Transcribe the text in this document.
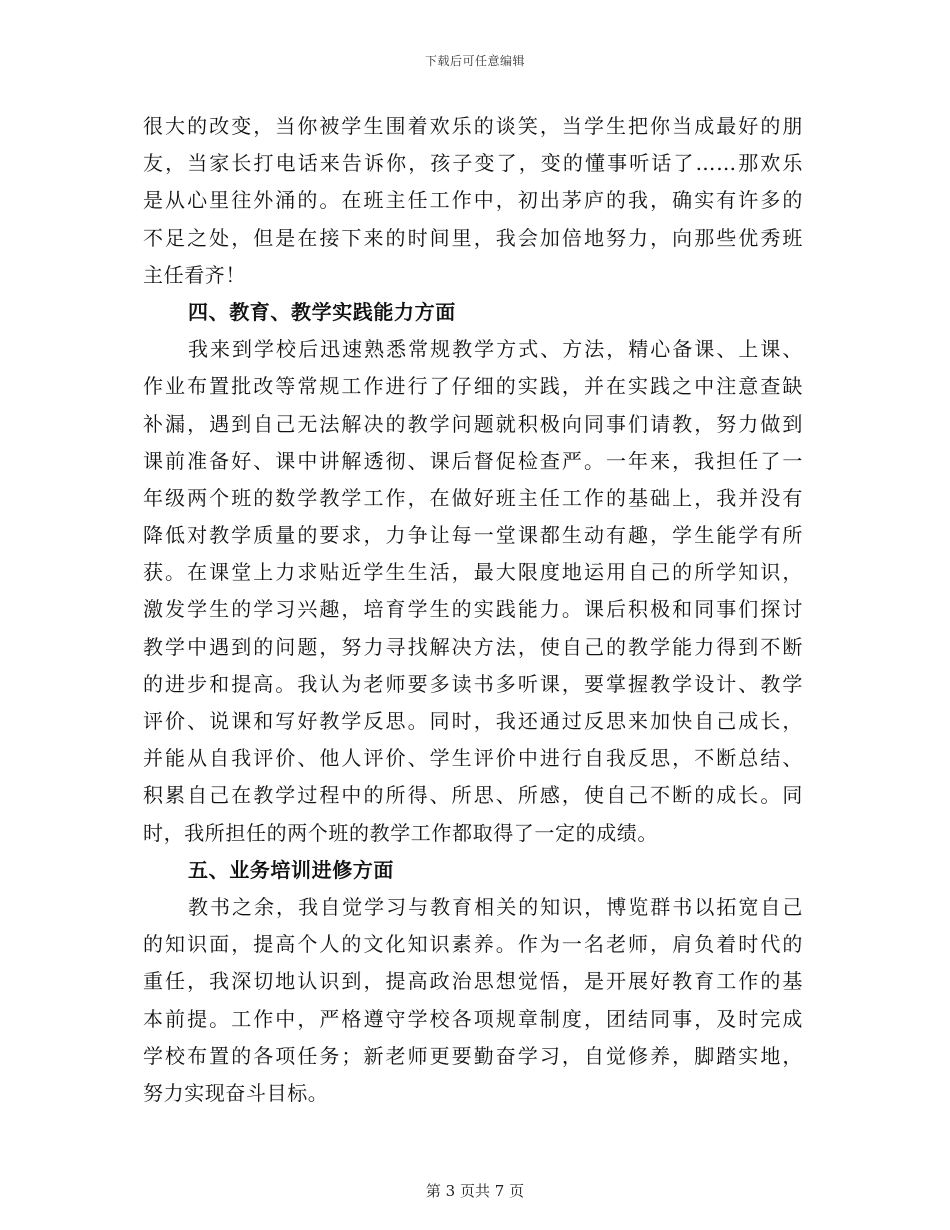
下载后可任意编辑
很大的改变，当你被学生围着欢乐的谈笑，当学生把你当成最好的朋
友，当家长打电话来告诉你，孩子变了，变的懂事听话了……那欢乐
是从心里往外涌的。在班主任工作中，初出茅庐的我，确实有许多的
不足之处，但是在接下来的时间里，我会加倍地努力，向那些优秀班
主任看齐！
四、教育、教学实践能力方面
我来到学校后迅速熟悉常规教学方式、方法，精心备课、上课、
作业布置批改等常规工作进行了仔细的实践，并在实践之中注意查缺
补漏，遇到自己无法解决的教学问题就积极向同事们请教，努力做到
课前准备好、课中讲解透彻、课后督促检查严。一年来，我担任了一
年级两个班的数学教学工作，在做好班主任工作的基础上，我并没有
降低对教学质量的要求，力争让每一堂课都生动有趣，学生能学有所
获。在课堂上力求贴近学生生活，最大限度地运用自己的所学知识，
激发学生的学习兴趣，培育学生的实践能力。课后积极和同事们探讨
教学中遇到的问题，努力寻找解决方法，使自己的教学能力得到不断
的进步和提高。我认为老师要多读书多听课，要掌握教学设计、教学
评价、说课和写好教学反思。同时，我还通过反思来加快自己成长，
并能从自我评价、他人评价、学生评价中进行自我反思，不断总结、
积累自己在教学过程中的所得、所思、所感，使自己不断的成长。同
时，我所担任的两个班的教学工作都取得了一定的成绩。
五、业务培训进修方面
教书之余，我自觉学习与教育相关的知识，博览群书以拓宽自己
的知识面，提高个人的文化知识素养。作为一名老师，肩负着时代的
重任，我深切地认识到，提高政治思想觉悟，是开展好教育工作的基
本前提。工作中，严格遵守学校各项规章制度，团结同事，及时完成
学校布置的各项任务；新老师更要勤奋学习，自觉修养，脚踏实地，
努力实现奋斗目标。
第 3 页共 7 页
